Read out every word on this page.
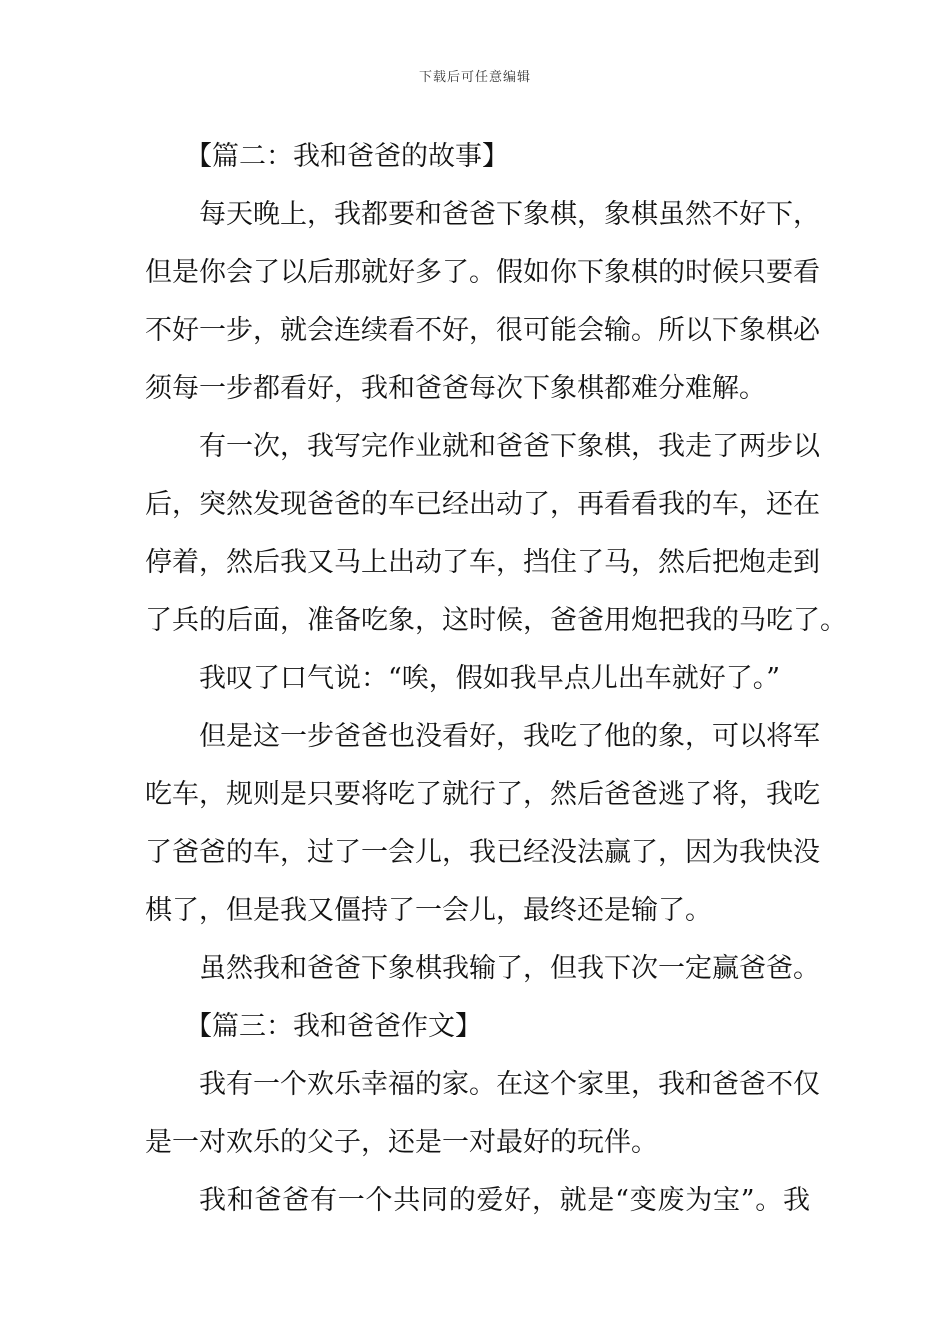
下载后可任意编辑
【篇二：我和爸爸的故事】
每天晚上，我都要和爸爸下象棋，象棋虽然不好下，
但是你会了以后那就好多了。假如你下象棋的时候只要看
不好一步，就会连续看不好，很可能会输。所以下象棋必
须每一步都看好，我和爸爸每次下象棋都难分难解。
有一次，我写完作业就和爸爸下象棋，我走了两步以
后，突然发现爸爸的车已经出动了，再看看我的车，还在
停着，然后我又马上出动了车，挡住了马，然后把炮走到
了兵的后面，准备吃象，这时候，爸爸用炮把我的马吃了。
我叹了口气说：“唉，假如我早点儿出车就好了。”
但是这一步爸爸也没看好，我吃了他的象，可以将军
吃车，规则是只要将吃了就行了，然后爸爸逃了将，我吃
了爸爸的车，过了一会儿，我已经没法赢了，因为我快没
棋了，但是我又僵持了一会儿，最终还是输了。
虽然我和爸爸下象棋我输了，但我下次一定赢爸爸。
【篇三：我和爸爸作文】
我有一个欢乐幸福的家。在这个家里，我和爸爸不仅
是一对欢乐的父子，还是一对最好的玩伴。
我和爸爸有一个共同的爱好，就是“变废为宝”。我
